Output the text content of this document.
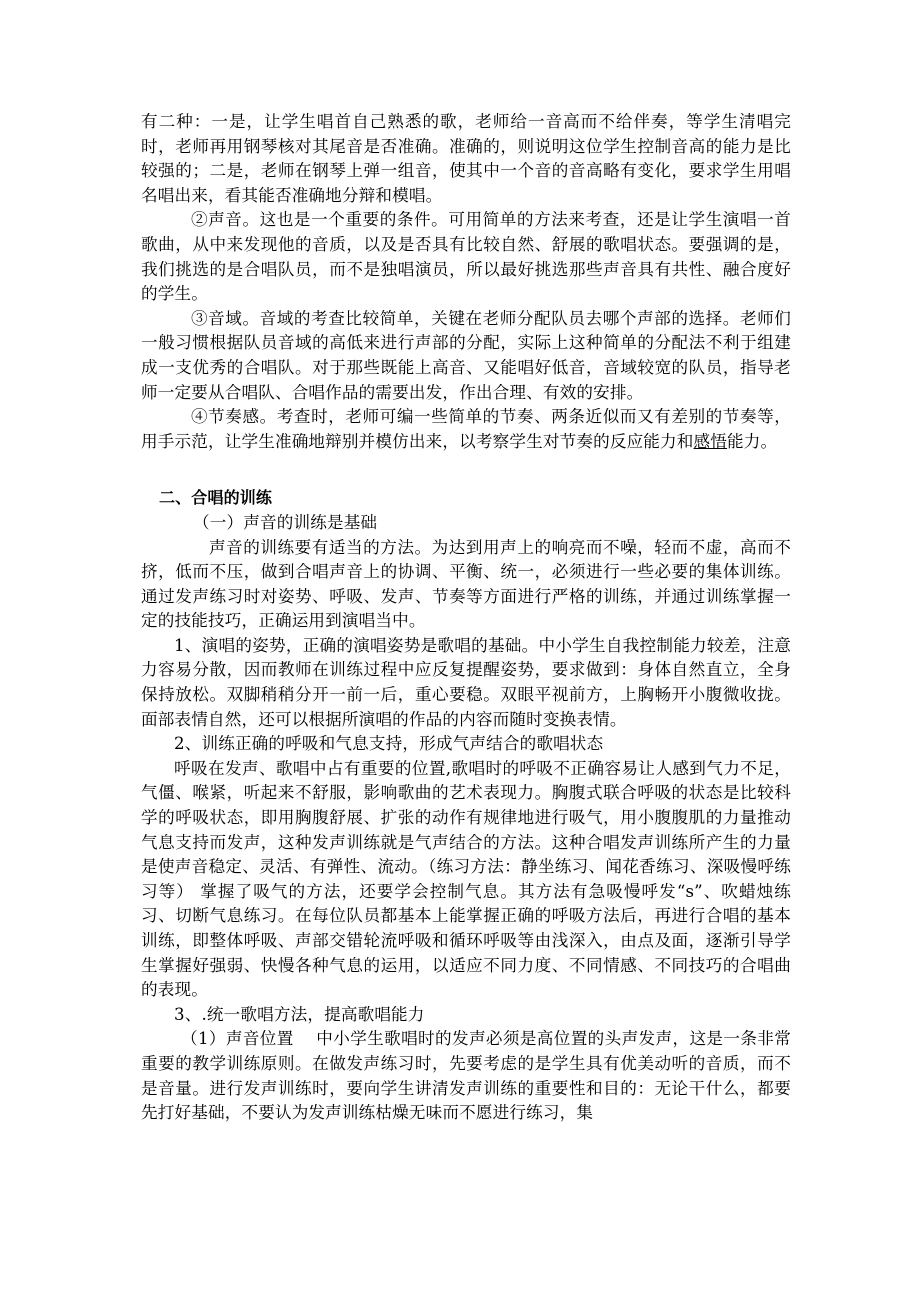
有二种：一是，让学生唱首自己熟悉的歌，老师给一音高而不给伴奏，等学生清唱完时，老师再用钢琴核对其尾音是否准确。准确的，则说明这位学生控制音高的能力是比较强的；二是，老师在钢琴上弹一组音，使其中一个音的音高略有变化，要求学生用唱名唱出来，看其能否准确地分辩和模唱。

②声音。这也是一个重要的条件。可用简单的方法来考查，还是让学生演唱一首歌曲，从中来发现他的音质，以及是否具有比较自然、舒展的歌唱状态。要强调的是，我们挑选的是合唱队员，而不是独唱演员，所以最好挑选那些声音具有共性、融合度好的学生。

③音域。音域的考查比较简单，关键在老师分配队员去哪个声部的选择。老师们一般习惯根据队员音域的高低来进行声部的分配，实际上这种简单的分配法不利于组建成一支优秀的合唱队。对于那些既能上高音、又能唱好低音，音域较宽的队员，指导老师一定要从合唱队、合唱作品的需要出发，作出合理、有效的安排。

④节奏感。考查时，老师可编一些简单的节奏、两条近似而又有差别的节奏等，用手示范，让学生准确地辩别并模仿出来，以考察学生对节奏的反应能力和感悟能力。

二、合唱的训练

（一）声音的训练是基础

声音的训练要有适当的方法。为达到用声上的响亮而不噪，轻而不虚，高而不挤，低而不压，做到合唱声音上的协调、平衡、统一，必须进行一些必要的集体训练。通过发声练习时对姿势、呼吸、发声、节奏等方面进行严格的训练，并通过训练掌握一定的技能技巧，正确运用到演唱当中。

1、演唱的姿势，正确的演唱姿势是歌唱的基础。中小学生自我控制能力较差，注意力容易分散，因而教师在训练过程中应反复提醒姿势，要求做到：身体自然直立，全身保持放松。双脚稍稍分开一前一后，重心要稳。双眼平视前方，上胸畅开小腹微收拢。面部表情自然，还可以根据所演唱的作品的内容而随时变换表情。

2、训练正确的呼吸和气息支持，形成气声结合的歌唱状态

呼吸在发声、歌唱中占有重要的位置,歌唱时的呼吸不正确容易让人感到气力不足，气僵、喉紧，听起来不舒服，影响歌曲的艺术表现力。胸腹式联合呼吸的状态是比较科学的呼吸状态，即用胸腹舒展、扩张的动作有规律地进行吸气，用小腹腹肌的力量推动气息支持而发声，这种发声训练就是气声结合的方法。这种合唱发声训练所产生的力量是使声音稳定、灵活、有弹性、流动。（练习方法：静坐练习、闻花香练习、深吸慢呼练习等） 掌握了吸气的方法，还要学会控制气息。其方法有急吸慢呼发“s”、吹蜡烛练习、切断气息练习。在每位队员都基本上能掌握正确的呼吸方法后，再进行合唱的基本训练，即整体呼吸、声部交错轮流呼吸和循环呼吸等由浅深入，由点及面，逐渐引导学生掌握好强弱、快慢各种气息的运用，以适应不同力度、不同情感、不同技巧的合唱曲的表现。

3、.统一歌唱方法，提高歌唱能力

（1）声音位置　 中小学生歌唱时的发声必须是高位置的头声发声，这是一条非常重要的教学训练原则。在做发声练习时，先要考虑的是学生具有优美动听的音质，而不是音量。进行发声训练时，要向学生讲清发声训练的重要性和目的：无论干什么，都要先打好基础，不要认为发声训练枯燥无味而不愿进行练习，集
